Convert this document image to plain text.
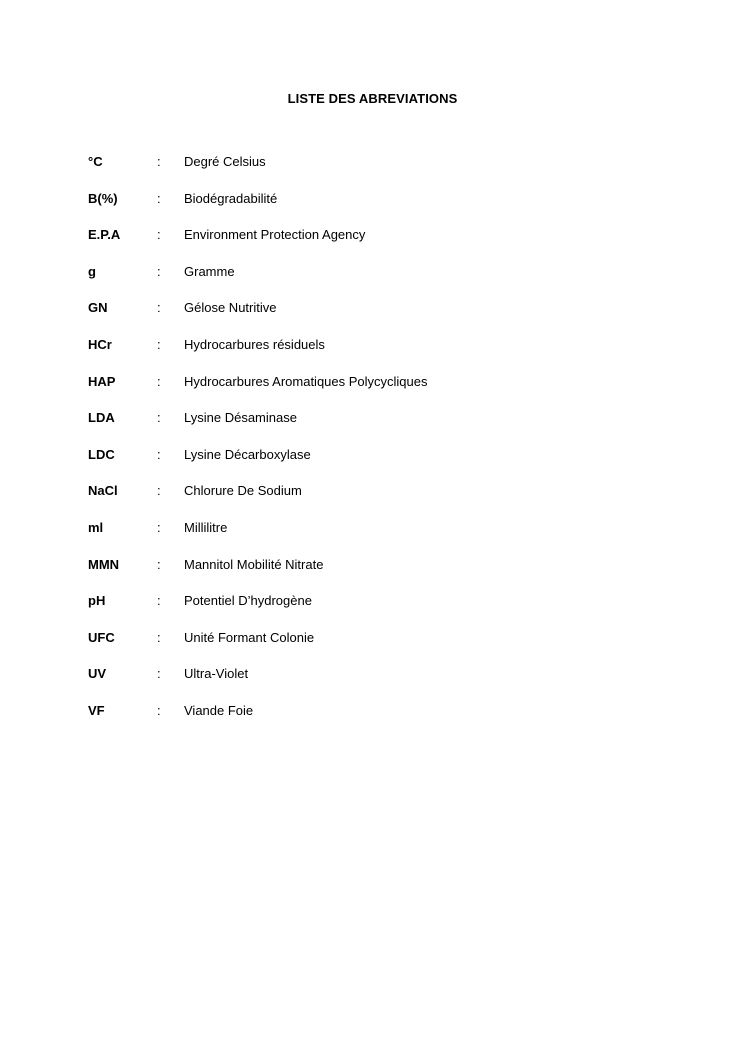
LISTE DES ABREVIATIONS
°C	: Degré Celsius
B(%)	: Biodégradabilité
E.P.A	: Environment Protection Agency
g	: Gramme
GN	: Gélose Nutritive
HCr	: Hydrocarbures résiduels
HAP	: Hydrocarbures Aromatiques Polycycliques
LDA	: Lysine Désaminase
LDC	: Lysine Décarboxylase
NaCl	: Chlorure De Sodium
ml	: Millilitre
MMN	: Mannitol Mobilité Nitrate
pH	: Potentiel D’hydrogène
UFC	: Unité Formant Colonie
UV	: Ultra-Violet
VF	: Viande Foie
